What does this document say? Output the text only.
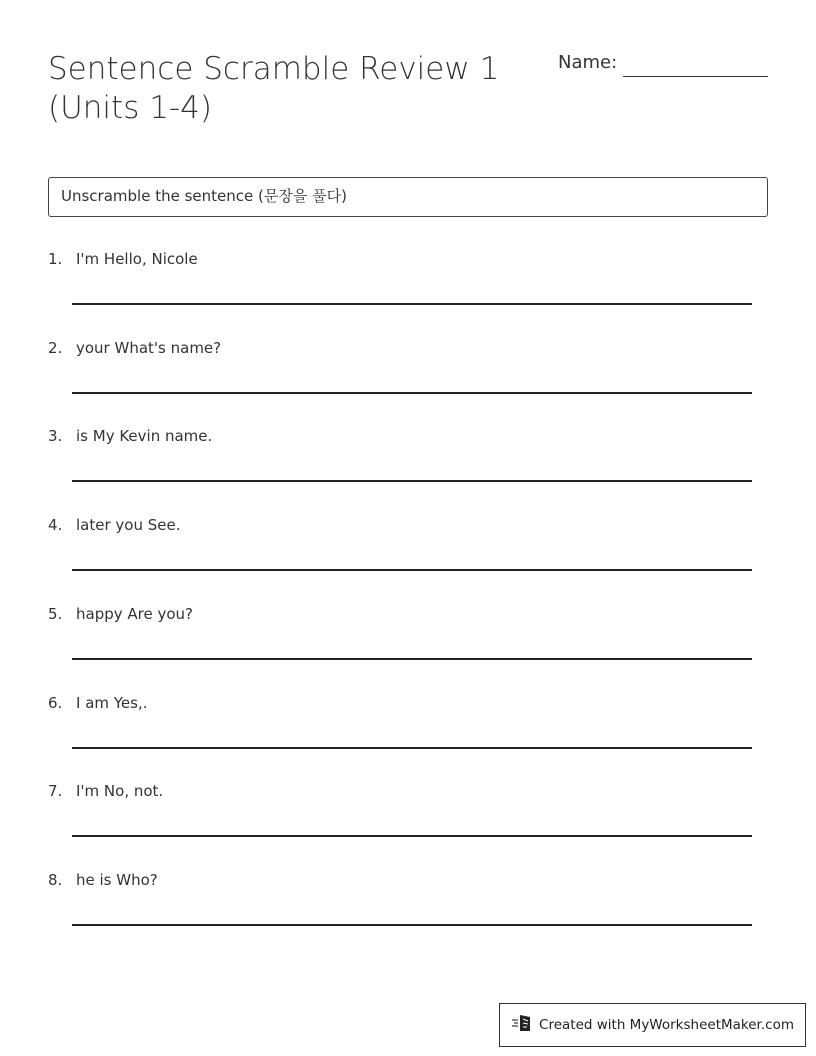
Sentence Scramble Review 1
(Units 1-4)
Name:
Unscramble the sentence (문장을 풀다)
1. I'm Hello, Nicole
2. your What's name?
3. is My Kevin name.
4. later you See.
5. happy Are you?
6. I am Yes,.
7. I'm No, not.
8. he is Who?
Created with MyWorksheetMaker.com
